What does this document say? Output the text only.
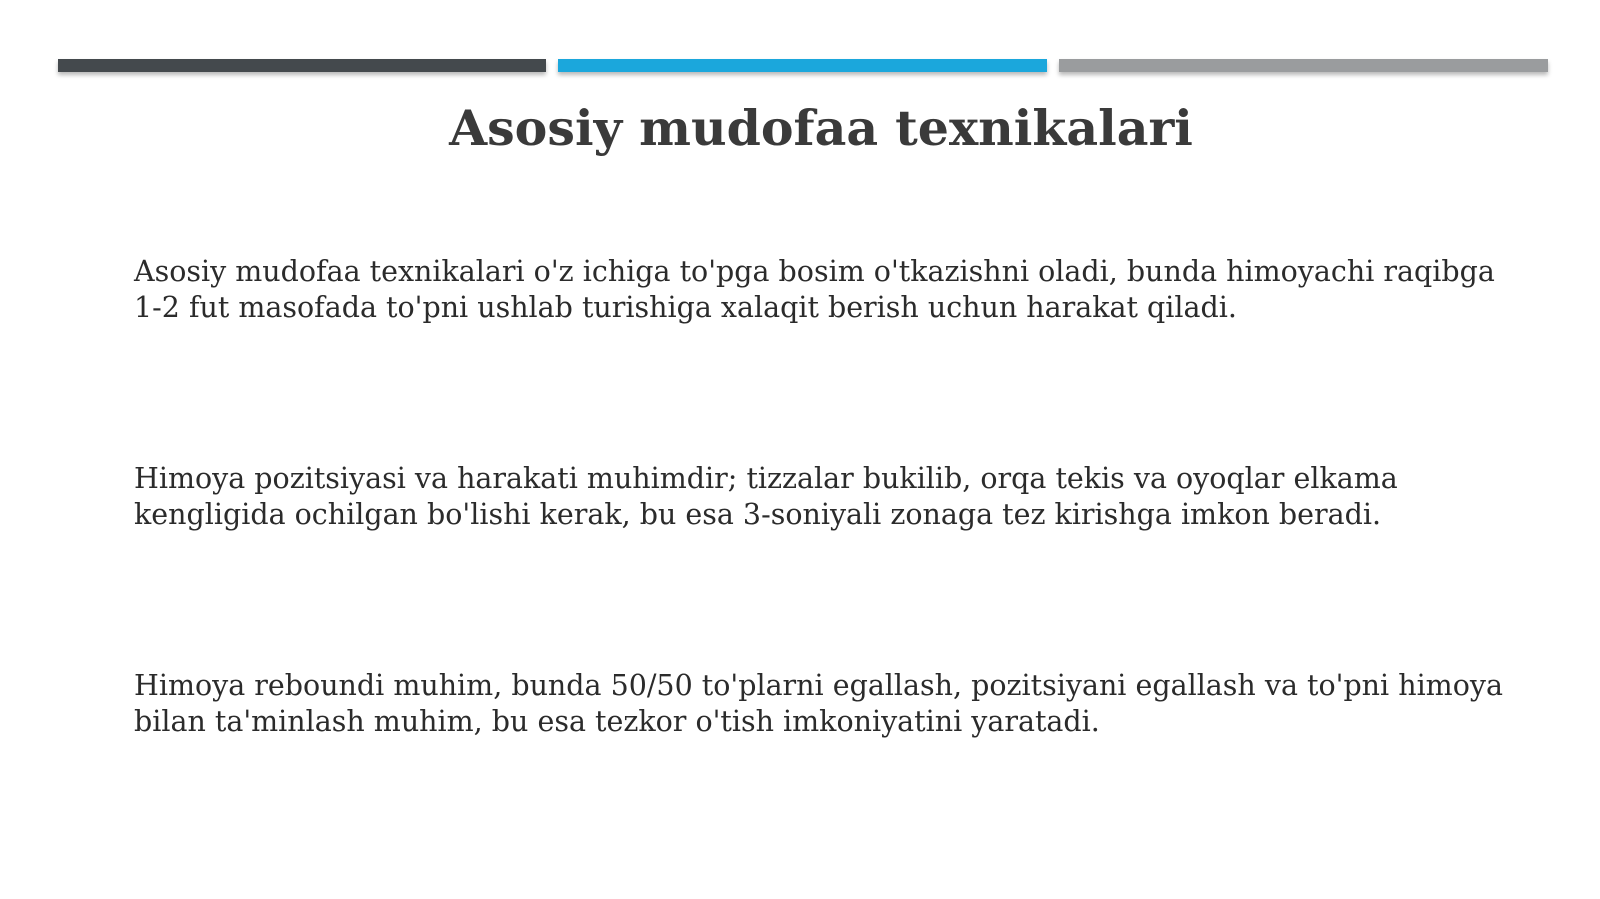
Asosiy mudofaa texnikalari

Asosiy mudofaa texnikalari o'z ichiga to'pga bosim o'tkazishni oladi, bunda himoyachi raqibga 1-2 fut masofada to'pni ushlab turishiga xalaqit berish uchun harakat qiladi.

Himoya pozitsiyasi va harakati muhimdir; tizzalar bukilib, orqa tekis va oyoqlar elkama kengligida ochilgan bo'lishi kerak, bu esa 3-soniyali zonaga tez kirishga imkon beradi.

Himoya reboundi muhim, bunda 50/50 to'plarni egallash, pozitsiyani egallash va to'pni himoya bilan ta'minlash muhim, bu esa tezkor o'tish imkoniyatini yaratadi.
